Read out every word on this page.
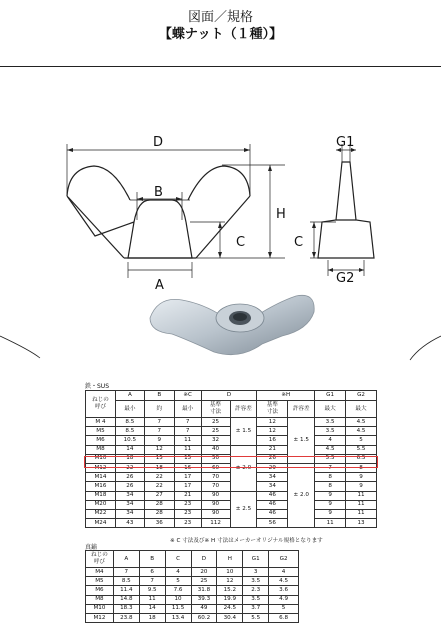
図面／規格
【蝶ナット（１種）】
D
B
H
C
A
G1
C
G2
鉄・SUS
ねじの
呼び	A	B	※C	D		※H		G1	G2
	最小	約	最小	基準
寸法	許容差	基準
寸法	許容差	最大	最大
M 4	8.5	7	7	25	± 1.5	12	± 1.5	3.5	4.5
M5	8.5	7	7	25		12		3.5	4.5
M6	10.5	9	11	32		16		4	5
M8	14	12	11	40	± 2.0	21		4.5	5.5
M10	18	15	15	50		26		5.5	6.5
M12	22	18	16	60		29	± 2.0	7	8
M14	26	22	17	70		34		8	9
M16	26	22	17	70		34		8	9
M18	34	27	21	90	± 2.5	46		9	11
M20	34	28	23	90		46		9	11
M22	34	28	23	90		46		9	11
M24	43	36	23	112		56		11	13
※ C 寸法及び※ H 寸法はメーカーオリジナル規格となります
真鍮
ねじの
呼び	A	B	C	D	H	G1	G2
M4	7	6	4	20	10	3	4
M5	8.5	7	5	25	12	3.5	4.5
M6	11.4	9.5	7.6	31.8	15.2	2.3	3.6
M8	14.8	11	10	39.3	19.9	3.5	4.9
M10	18.3	14	11.5	49	24.5	3.7	5
M12	23.8	18	13.4	60.2	30.4	5.5	6.8
